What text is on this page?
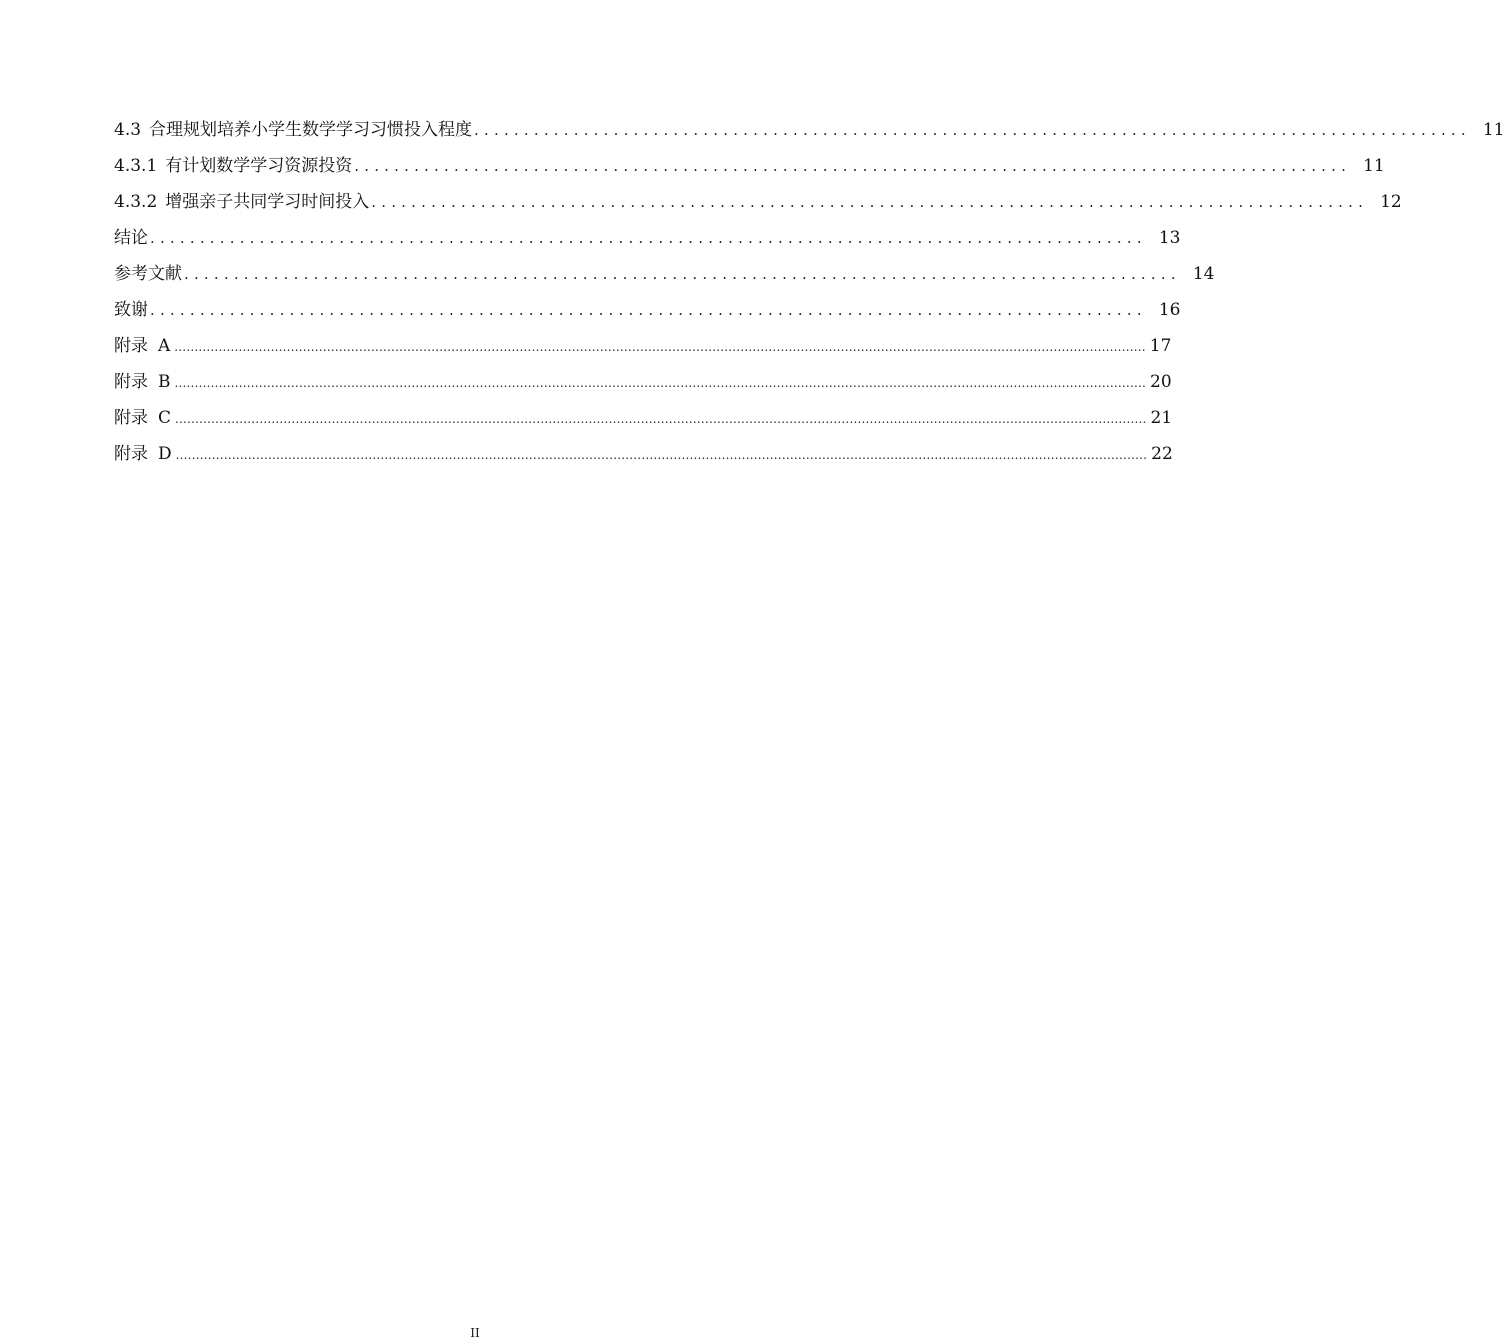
4.3 合理规划培养小学生数学学习习惯投入程度 .................................................................................................... 11
4.3.1 有计划数学学习资源投资 .................................................................................................... 11
4.3.2 增强亲子共同学习时间投入 .................................................................................................... 12
结论 .................................................................................................... 13
参考文献 .................................................................................................... 14
致谢 .................................................................................................... 16
附录 A .................................................................................................................................................................................................................................................. 17
附录 B .................................................................................................................................................................................................................................................. 20
附录 C .................................................................................................................................................................................................................................................. 21
附录 D .................................................................................................................................................................................................................................................. 22
II
